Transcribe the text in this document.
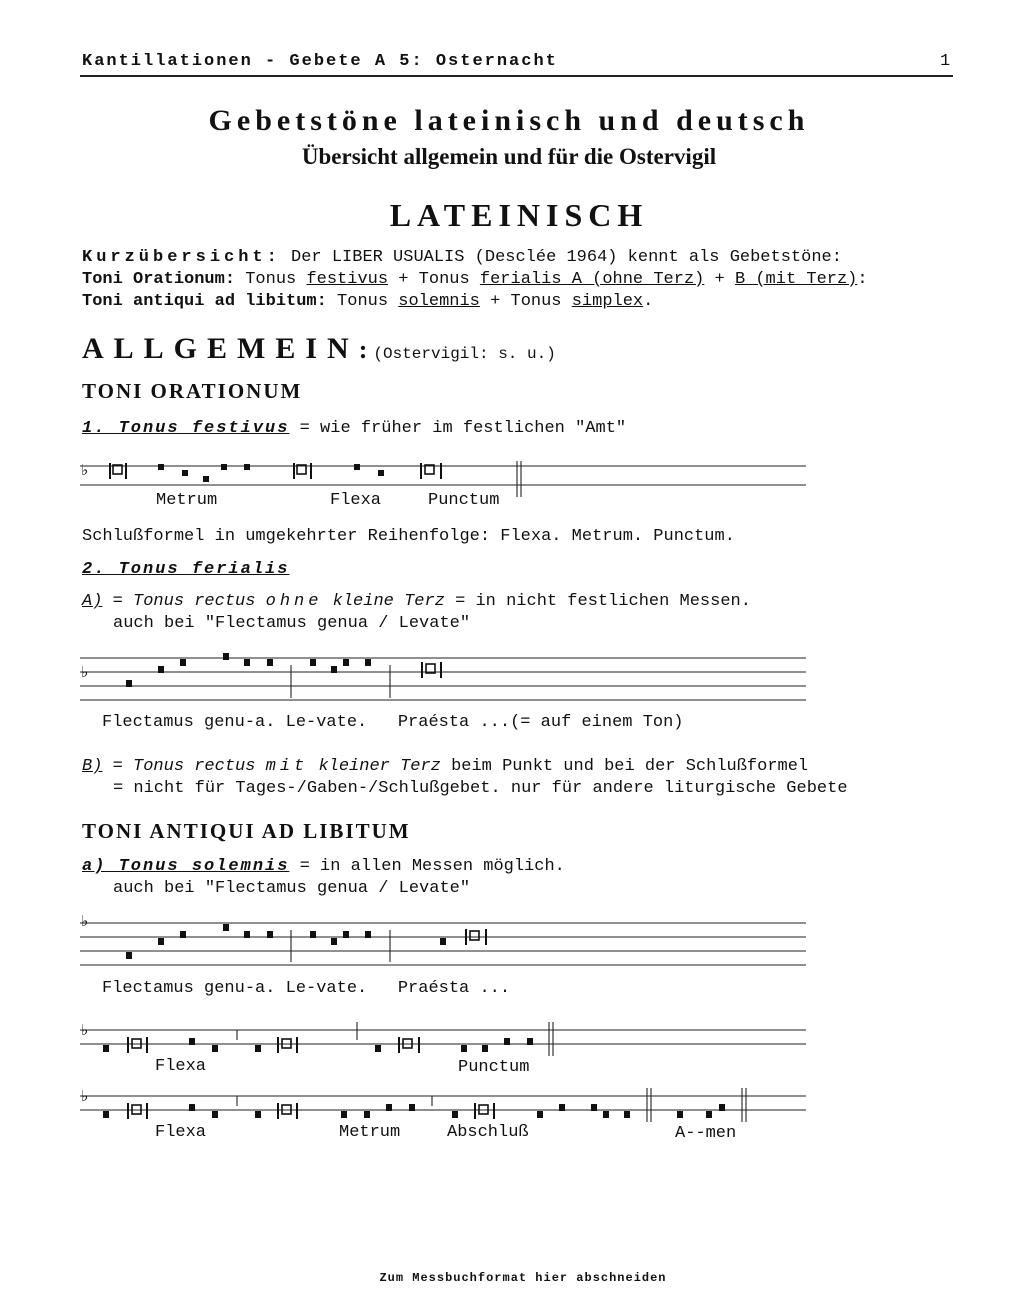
Kantillationen - Gebete A 5: Osternacht	1
Gebetstöne lateinisch und deutsch
Übersicht allgemein und für die Ostervigil
LATEINISCH
Kurzübersicht: Der LIBER USUALIS (Desclée 1964) kennt als Gebetstöne:
Toni Orationum: Tonus festivus + Tonus ferialis A (ohne Terz) + B (mit Terz):
Toni antiqui ad libitum: Tonus solemnis + Tonus simplex.
ALLGEMEIN: (Ostervigil: s. u.)
TONI ORATIONUM
1. Tonus festivus = wie früher im festlichen "Amt"
♭
Metrum	Flexa	Punctum
Schlußformel in umgekehrter Reihenfolge: Flexa. Metrum. Punctum.
2. Tonus ferialis
A) = Tonus rectus ohne kleine Terz = in nicht festlichen Messen.
auch bei "Flectamus genua / Levate"
♭
Flectamus genu-a. Le-vate.   Praésta ...(= auf einem Ton)
B) = Tonus rectus mit kleiner Terz beim Punkt und bei der Schlußformel
= nicht für Tages-/Gaben-/Schlußgebet. nur für andere liturgische Gebete
TONI ANTIQUI AD LIBITUM
a) Tonus solemnis = in allen Messen möglich.
auch bei "Flectamus genua / Levate"
♭
Flectamus genu-a. Le-vate.   Praésta ...
♭
Flexa	Punctum
♭
Flexa	Metrum	Abschluß	A--men
Zum Messbuchformat hier abschneiden
